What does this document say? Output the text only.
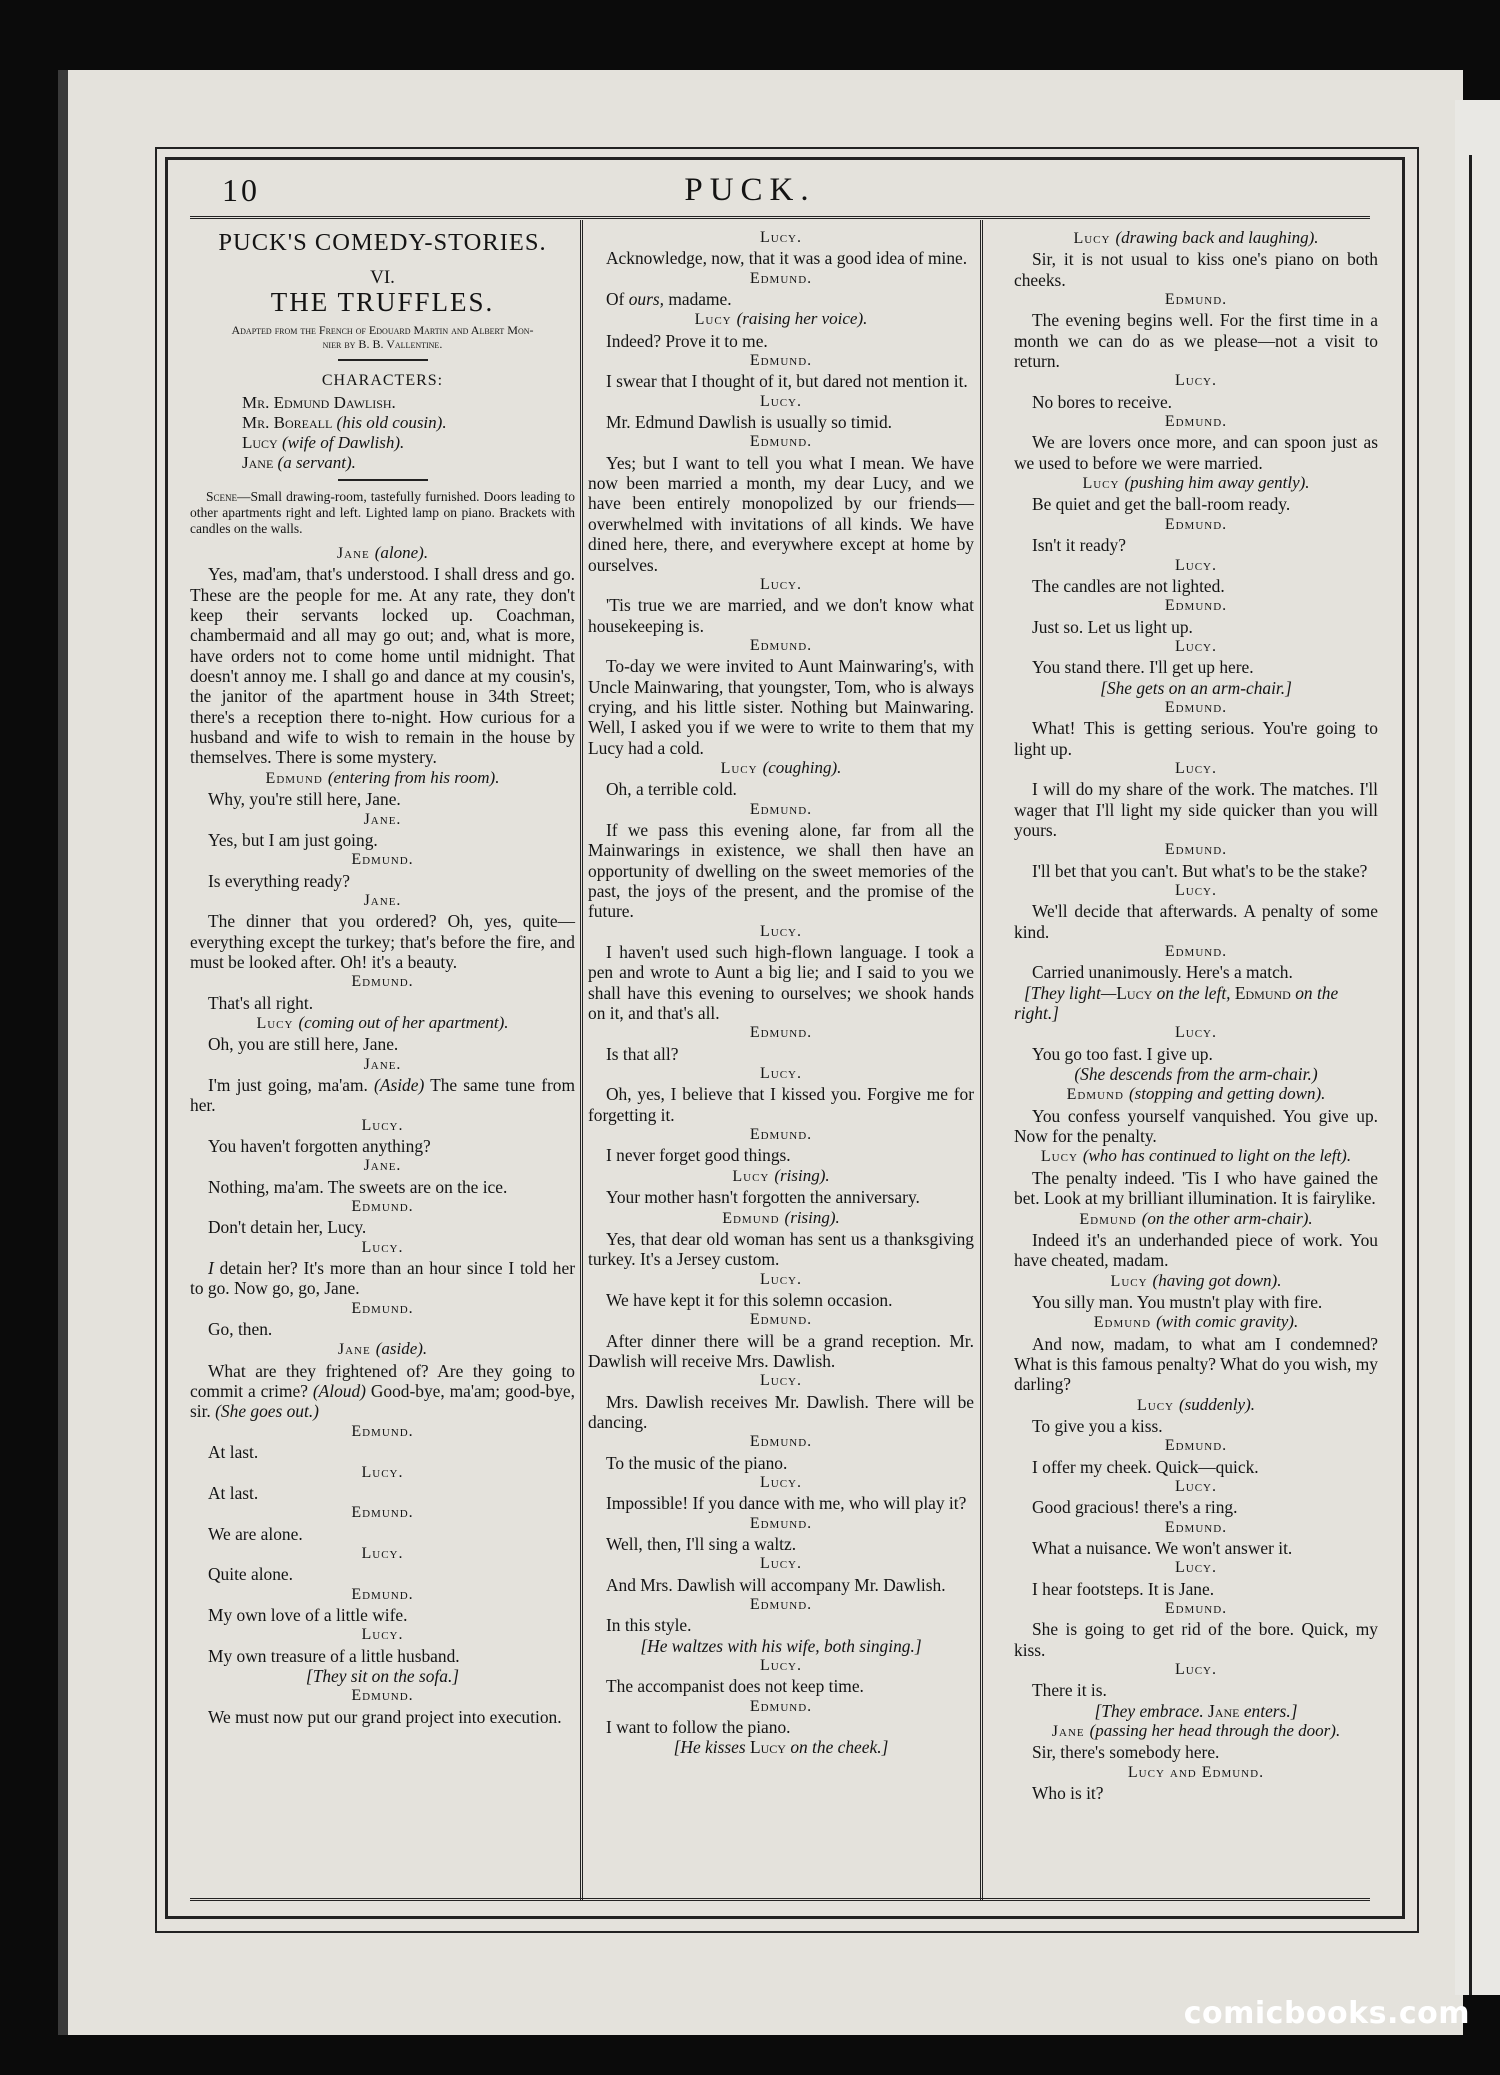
10	PUCK.
PUCK'S COMEDY-STORIES.
VI.
THE TRUFFLES.
Adapted from the French of Edouard Martin and Albert Mon-
nier by B. B. Vallentine.
CHARACTERS:
Mr. Edmund Dawlish.
Mr. Boreall (his old cousin).
Lucy (wife of Dawlish).
Jane (a servant).
Scene—Small drawing-room, tastefully furnished. Doors leading to other apartments right and left. Lighted lamp on piano. Brackets with candles on the walls.

Jane (alone).

Yes, mad'am, that's understood. I shall dress and go. These are the people for me. At any rate, they don't keep their servants locked up. Coachman, chambermaid and all may go out; and, what is more, have orders not to come home until midnight. That doesn't annoy me. I shall go and dance at my cousin's, the janitor of the apartment house in 34th Street; there's a reception there to-night. How curious for a husband and wife to wish to remain in the house by themselves. There is some mystery.

Edmund (entering from his room).

Why, you're still here, Jane.

Jane.

Yes, but I am just going.

Edmund.

Is everything ready?

Jane.

The dinner that you ordered? Oh, yes, quite—everything except the turkey; that's before the fire, and must be looked after. Oh! it's a beauty.

Edmund.

That's all right.

Lucy (coming out of her apartment).

Oh, you are still here, Jane.

Jane.

I'm just going, ma'am. (Aside) The same tune from her.

Lucy.

You haven't forgotten anything?

Jane.

Nothing, ma'am. The sweets are on the ice.

Edmund.

Don't detain her, Lucy.

Lucy.

I detain her? It's more than an hour since I told her to go. Now go, go, Jane.

Edmund.

Go, then.

Jane (aside).

What are they frightened of? Are they going to commit a crime? (Aloud) Good-bye, ma'am; good-bye, sir. (She goes out.)

Edmund.

At last.

Lucy.

At last.

Edmund.

We are alone.

Lucy.

Quite alone.

Edmund.

My own love of a little wife.

Lucy.

My own treasure of a little husband.

[They sit on the sofa.]

Edmund.

We must now put our grand project into execution.

Lucy.

Acknowledge, now, that it was a good idea of mine.

Edmund.

Of ours, madame.

Lucy (raising her voice).

Indeed? Prove it to me.

Edmund.

I swear that I thought of it, but dared not mention it.

Lucy.

Mr. Edmund Dawlish is usually so timid.

Edmund.

Yes; but I want to tell you what I mean. We have now been married a month, my dear Lucy, and we have been entirely monopolized by our friends—overwhelmed with invitations of all kinds. We have dined here, there, and everywhere except at home by ourselves.

Lucy.

'Tis true we are married, and we don't know what housekeeping is.

Edmund.

To-day we were invited to Aunt Mainwaring's, with Uncle Mainwaring, that youngster, Tom, who is always crying, and his little sister. Nothing but Mainwaring. Well, I asked you if we were to write to them that my Lucy had a cold.

Lucy (coughing).

Oh, a terrible cold.

Edmund.

If we pass this evening alone, far from all the Mainwarings in existence, we shall then have an opportunity of dwelling on the sweet memories of the past, the joys of the present, and the promise of the future.

Lucy.

I haven't used such high-flown language. I took a pen and wrote to Aunt a big lie; and I said to you we shall have this evening to ourselves; we shook hands on it, and that's all.

Edmund.

Is that all?

Lucy.

Oh, yes, I believe that I kissed you. Forgive me for forgetting it.

Edmund.

I never forget good things.

Lucy (rising).

Your mother hasn't forgotten the anniversary.

Edmund (rising).

Yes, that dear old woman has sent us a thanksgiving turkey. It's a Jersey custom.

Lucy.

We have kept it for this solemn occasion.

Edmund.

After dinner there will be a grand reception. Mr. Dawlish will receive Mrs. Dawlish.

Lucy.

Mrs. Dawlish receives Mr. Dawlish. There will be dancing.

Edmund.

To the music of the piano.

Lucy.

Impossible! If you dance with me, who will play it?

Edmund.

Well, then, I'll sing a waltz.

Lucy.

And Mrs. Dawlish will accompany Mr. Dawlish.

Edmund.

In this style.

[He waltzes with his wife, both singing.]

Lucy.

The accompanist does not keep time.

Edmund.

I want to follow the piano.

[He kisses Lucy on the cheek.]

Lucy (drawing back and laughing).

Sir, it is not usual to kiss one's piano on both cheeks.

Edmund.

The evening begins well. For the first time in a month we can do as we please—not a visit to return.

Lucy.

No bores to receive.

Edmund.

We are lovers once more, and can spoon just as we used to before we were married.

Lucy (pushing him away gently).

Be quiet and get the ball-room ready.

Edmund.

Isn't it ready?

Lucy.

The candles are not lighted.

Edmund.

Just so. Let us light up.

Lucy.

You stand there. I'll get up here.

[She gets on an arm-chair.]

Edmund.

What! This is getting serious. You're going to light up.

Lucy.

I will do my share of the work. The matches. I'll wager that I'll light my side quicker than you will yours.

Edmund.

I'll bet that you can't. But what's to be the stake?

Lucy.

We'll decide that afterwards. A penalty of some kind.

Edmund.

Carried unanimously. Here's a match.

[They light—Lucy on the left, Edmund on the right.]

Lucy.

You go too fast. I give up.

(She descends from the arm-chair.)

Edmund (stopping and getting down).

You confess yourself vanquished. You give up. Now for the penalty.

Lucy (who has continued to light on the left).

The penalty indeed. 'Tis I who have gained the bet. Look at my brilliant illumination. It is fairylike.

Edmund (on the other arm-chair).

Indeed it's an underhanded piece of work. You have cheated, madam.

Lucy (having got down).

You silly man. You mustn't play with fire.

Edmund (with comic gravity).

And now, madam, to what am I condemned? What is this famous penalty? What do you wish, my darling?

Lucy (suddenly).

To give you a kiss.

Edmund.

I offer my cheek. Quick—quick.

Lucy.

Good gracious! there's a ring.

Edmund.

What a nuisance. We won't answer it.

Lucy.

I hear footsteps. It is Jane.

Edmund.

She is going to get rid of the bore. Quick, my kiss.

Lucy.

There it is.

[They embrace. Jane enters.]

Jane (passing her head through the door).

Sir, there's somebody here.

Lucy and Edmund.

Who is it?

comicbooks.com
